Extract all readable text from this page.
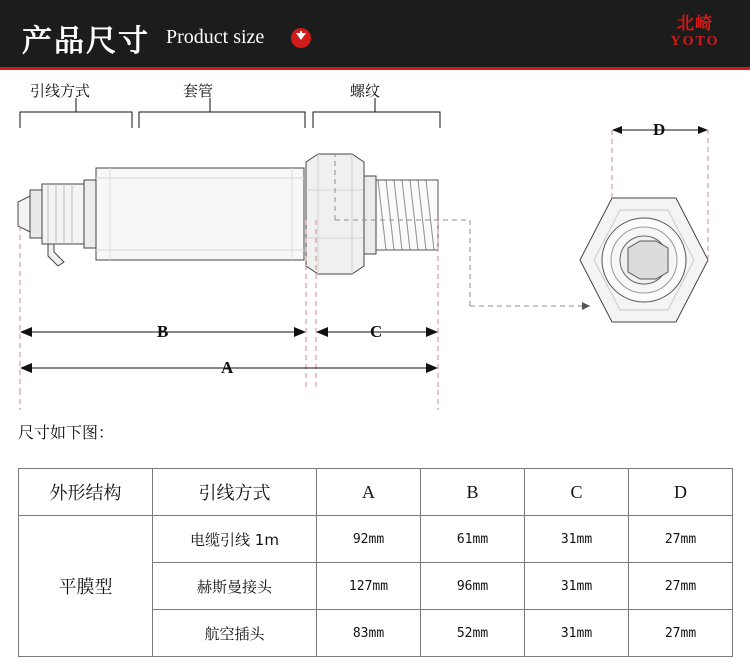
产品尺寸 Product size
北崎
YOTO
引线方式	套管	螺纹
B	C
A
D
尺寸如下图：
外形结构	引线方式	A	B	C	D
平膜型	电缆引线 1m	92mm	61mm	31mm	27mm
	赫斯曼接头	127mm	96mm	31mm	27mm
	航空插头	83mm	52mm	31mm	27mm
